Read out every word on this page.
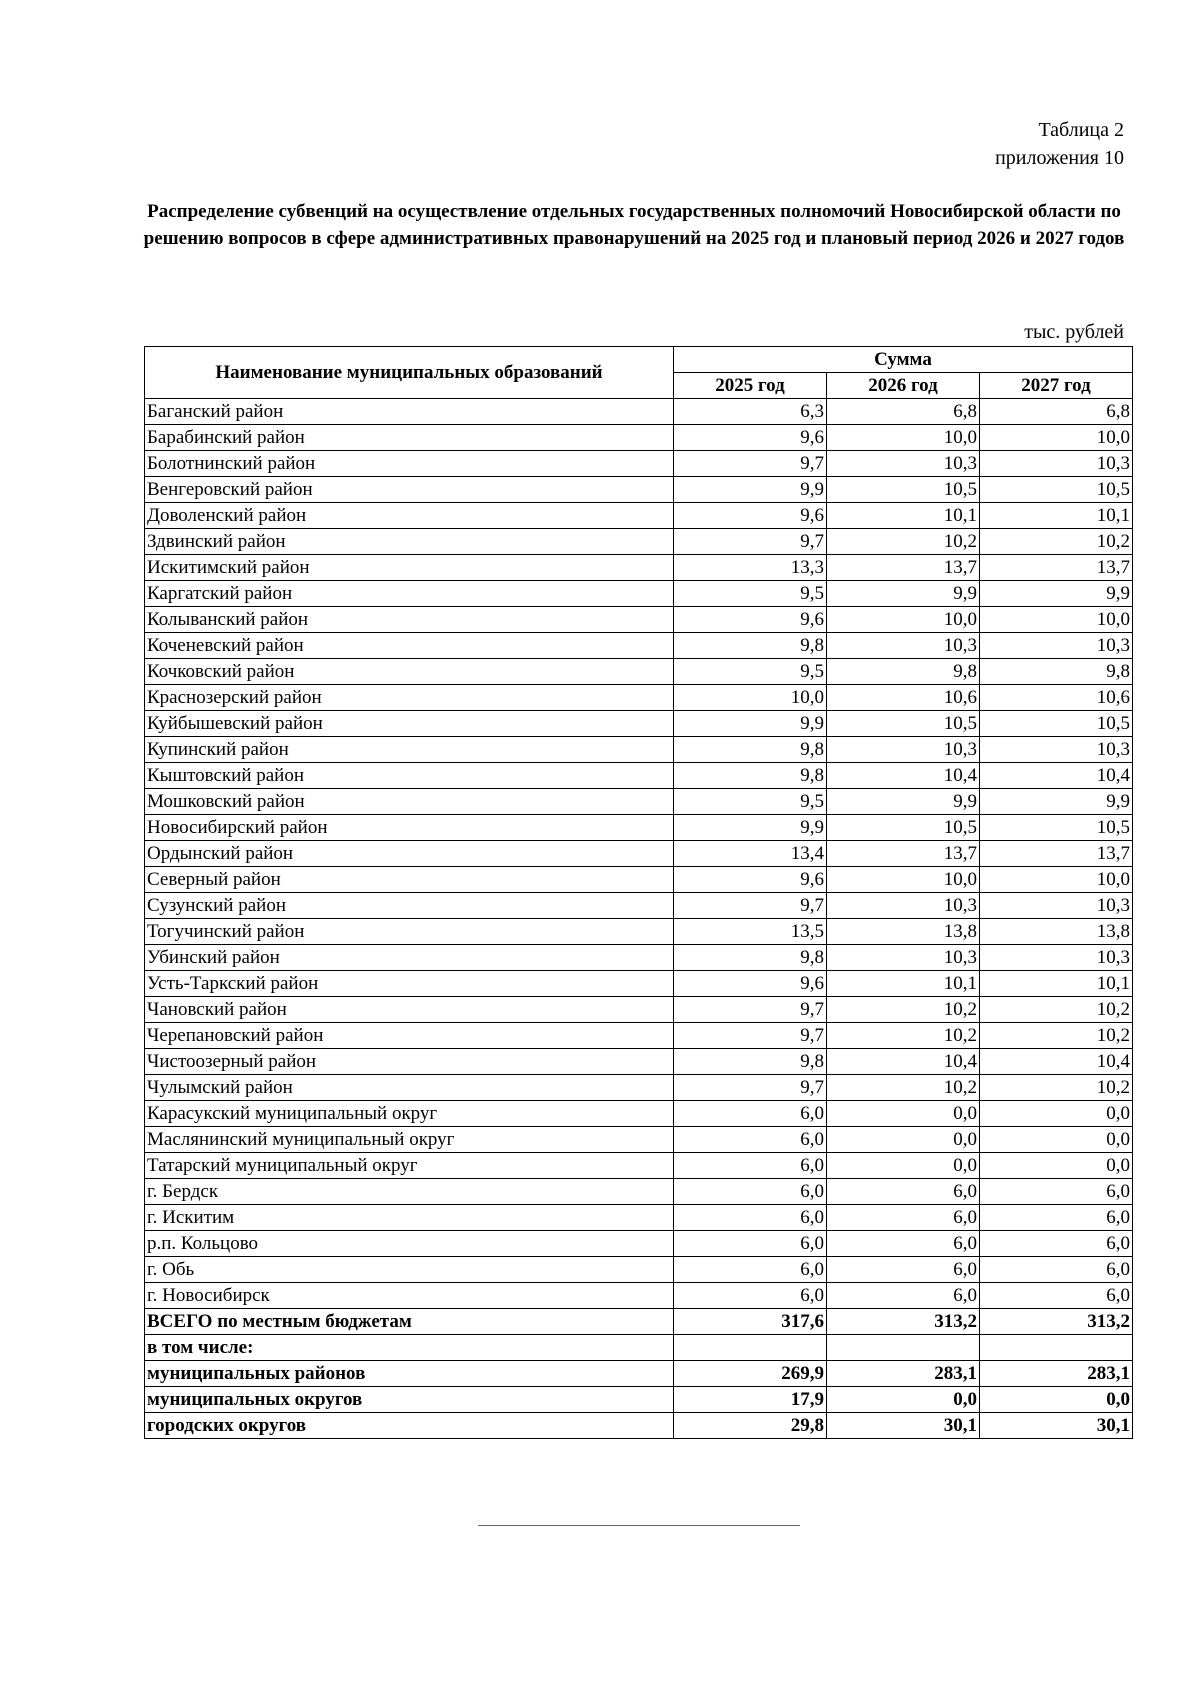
Таблица 2
приложения 10
Распределение субвенций на осуществление отдельных государственных полномочий Новосибирской области по решению вопросов в сфере административных правонарушений на 2025 год и плановый период 2026 и 2027 годов
тыс. рублей
Наименование муниципальных образований	Сумма		
	2025 год	2026 год	2027 год
Баганский район	6,3	6,8	6,8
Барабинский район	9,6	10,0	10,0
Болотнинский район	9,7	10,3	10,3
Венгеровский район	9,9	10,5	10,5
Доволенский район	9,6	10,1	10,1
Здвинский район	9,7	10,2	10,2
Искитимский район	13,3	13,7	13,7
Каргатский район	9,5	9,9	9,9
Колыванский район	9,6	10,0	10,0
Коченевский район	9,8	10,3	10,3
Кочковский район	9,5	9,8	9,8
Краснозерский район	10,0	10,6	10,6
Куйбышевский район	9,9	10,5	10,5
Купинский район	9,8	10,3	10,3
Кыштовский район	9,8	10,4	10,4
Мошковский район	9,5	9,9	9,9
Новосибирский район	9,9	10,5	10,5
Ордынский район	13,4	13,7	13,7
Северный район	9,6	10,0	10,0
Сузунский район	9,7	10,3	10,3
Тогучинский район	13,5	13,8	13,8
Убинский район	9,8	10,3	10,3
Усть-Таркский район	9,6	10,1	10,1
Чановский район	9,7	10,2	10,2
Черепановский район	9,7	10,2	10,2
Чистоозерный район	9,8	10,4	10,4
Чулымский район	9,7	10,2	10,2
Карасукский муниципальный округ	6,0	0,0	0,0
Маслянинский муниципальный округ	6,0	0,0	0,0
Татарский муниципальный округ	6,0	0,0	0,0
г. Бердск	6,0	6,0	6,0
г. Искитим	6,0	6,0	6,0
р.п. Кольцово	6,0	6,0	6,0
г. Обь	6,0	6,0	6,0
г. Новосибирск	6,0	6,0	6,0
ВСЕГО по местным бюджетам	317,6	313,2	313,2
в том числе:			
муниципальных районов	269,9	283,1	283,1
муниципальных округов	17,9	0,0	0,0
городских округов	29,8	30,1	30,1
